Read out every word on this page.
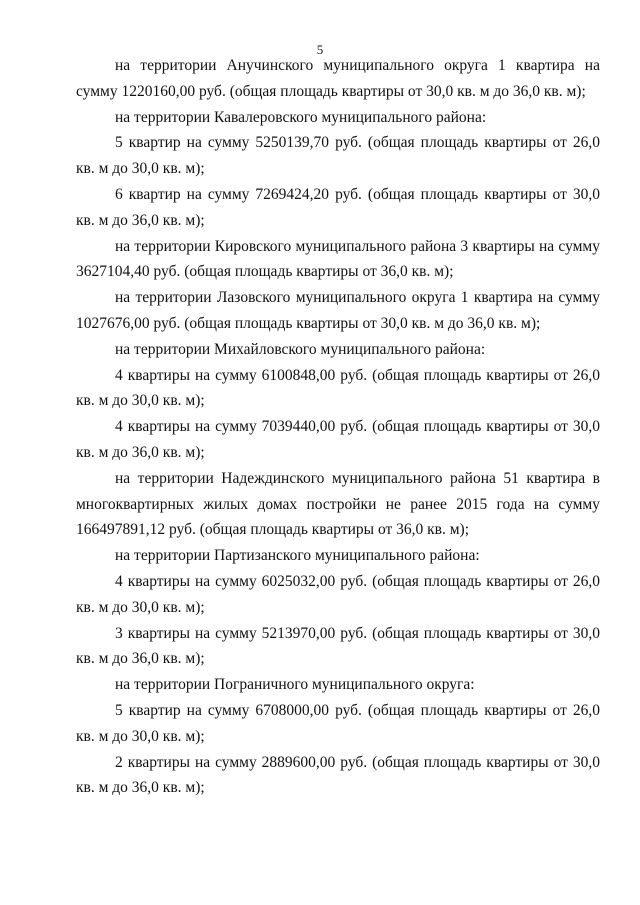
5

на территории Анучинского муниципального округа 1 квартира на сумму 1220160,00 руб. (общая площадь квартиры от 30,0 кв. м до 36,0 кв. м);

на территории Кавалеровского муниципального района:

5 квартир на сумму 5250139,70 руб. (общая площадь квартиры от 26,0 кв. м до 30,0 кв. м);

6 квартир на сумму 7269424,20 руб. (общая площадь квартиры от 30,0 кв. м до 36,0 кв. м);

на территории Кировского муниципального района 3 квартиры на сумму 3627104,40 руб. (общая площадь квартиры от 36,0 кв. м);

на территории Лазовского муниципального округа 1 квартира на сумму 1027676,00 руб. (общая площадь квартиры от 30,0 кв. м до 36,0 кв. м);

на территории Михайловского муниципального района:

4 квартиры на сумму 6100848,00 руб. (общая площадь квартиры от 26,0 кв. м до 30,0 кв. м);

4 квартиры на сумму 7039440,00 руб. (общая площадь квартиры от 30,0 кв. м до 36,0 кв. м);

на территории Надеждинского муниципального района 51 квартира в многоквартирных жилых домах постройки не ранее 2015 года на сумму 166497891,12 руб. (общая площадь квартиры от 36,0 кв. м);

на территории Партизанского муниципального района:

4 квартиры на сумму 6025032,00 руб. (общая площадь квартиры от 26,0 кв. м до 30,0 кв. м);

3 квартиры на сумму 5213970,00 руб. (общая площадь квартиры от 30,0 кв. м до 36,0 кв. м);

на территории Пограничного муниципального округа:

5 квартир на сумму 6708000,00 руб. (общая площадь квартиры от 26,0 кв. м до 30,0 кв. м);

2 квартиры на сумму 2889600,00 руб. (общая площадь квартиры от 30,0 кв. м до 36,0 кв. м);
